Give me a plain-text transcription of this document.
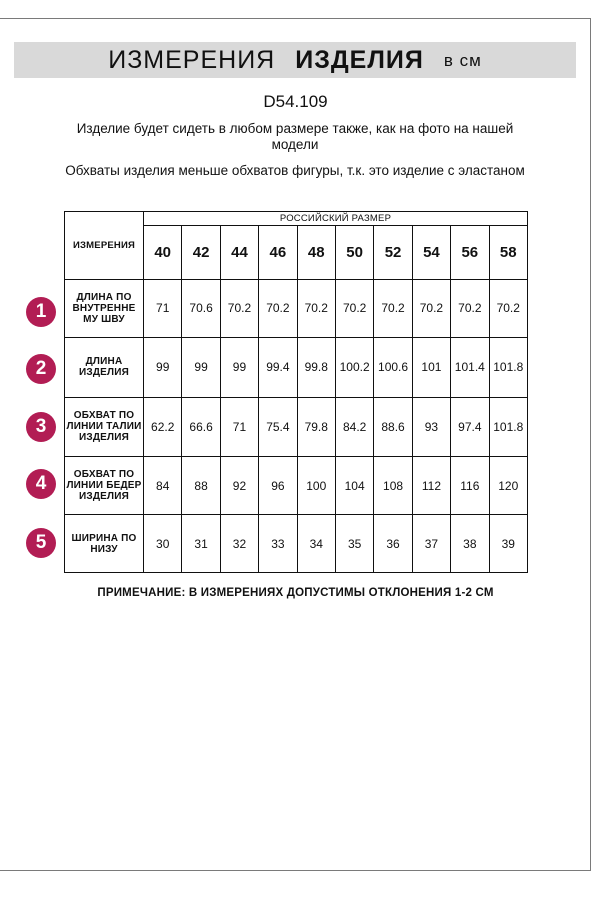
ИЗМЕРЕНИЯ ИЗДЕЛИЯ в см
D54.109
Изделие будет сидеть в любом размере также, как на фото на нашей модели
Обхваты изделия меньше обхватов фигуры, т.к. это изделие с эластаном
ИЗМЕРЕНИЯ	РОССИЙСКИЙ РАЗМЕР									
	40	42	44	46	48	50	52	54	56	58
ДЛИНА ПО ВНУТРЕННЕ МУ ШВУ	71	70.6	70.2	70.2	70.2	70.2	70.2	70.2	70.2	70.2
ДЛИНА ИЗДЕЛИЯ	99	99	99	99.4	99.8	100.2	100.6	101	101.4	101.8
ОБХВАТ ПО ЛИНИИ ТАЛИИ ИЗДЕЛИЯ	62.2	66.6	71	75.4	79.8	84.2	88.6	93	97.4	101.8
ОБХВАТ ПО ЛИНИИ БЕДЕР ИЗДЕЛИЯ	84	88	92	96	100	104	108	112	116	120
ШИРИНА ПО НИЗУ	30	31	32	33	34	35	36	37	38	39
1
2
3
4
5
ПРИМЕЧАНИЕ: В ИЗМЕРЕНИЯХ ДОПУСТИМЫ ОТКЛОНЕНИЯ 1-2 СМ
